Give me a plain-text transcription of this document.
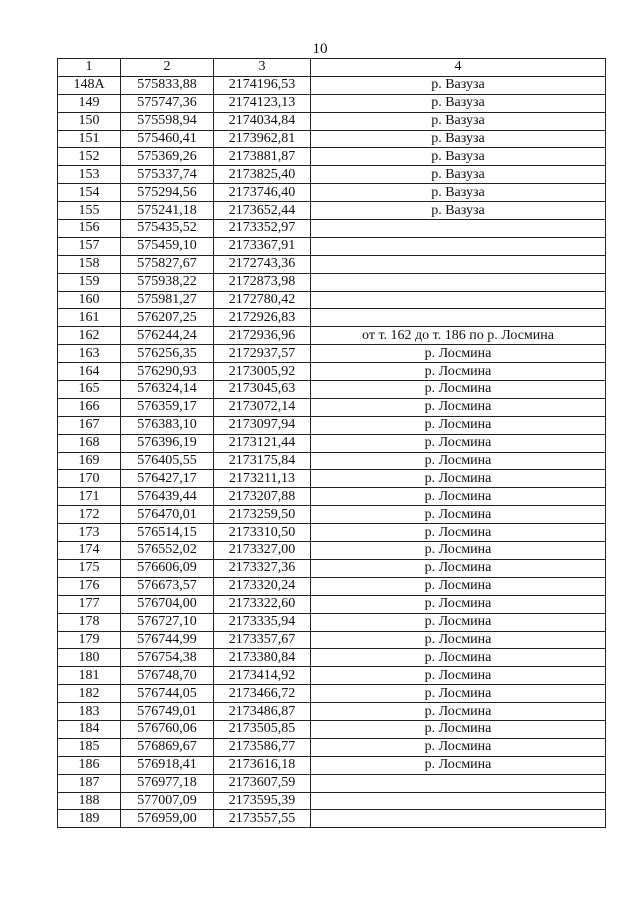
10
1	2	3	4
148А	575833,88	2174196,53	р. Вазуза
149	575747,36	2174123,13	р. Вазуза
150	575598,94	2174034,84	р. Вазуза
151	575460,41	2173962,81	р. Вазуза
152	575369,26	2173881,87	р. Вазуза
153	575337,74	2173825,40	р. Вазуза
154	575294,56	2173746,40	р. Вазуза
155	575241,18	2173652,44	р. Вазуза
156	575435,52	2173352,97	
157	575459,10	2173367,91	
158	575827,67	2172743,36	
159	575938,22	2172873,98	
160	575981,27	2172780,42	
161	576207,25	2172926,83	
162	576244,24	2172936,96	от т. 162 до т. 186 по р. Лосмина
163	576256,35	2172937,57	р. Лосмина
164	576290,93	2173005,92	р. Лосмина
165	576324,14	2173045,63	р. Лосмина
166	576359,17	2173072,14	р. Лосмина
167	576383,10	2173097,94	р. Лосмина
168	576396,19	2173121,44	р. Лосмина
169	576405,55	2173175,84	р. Лосмина
170	576427,17	2173211,13	р. Лосмина
171	576439,44	2173207,88	р. Лосмина
172	576470,01	2173259,50	р. Лосмина
173	576514,15	2173310,50	р. Лосмина
174	576552,02	2173327,00	р. Лосмина
175	576606,09	2173327,36	р. Лосмина
176	576673,57	2173320,24	р. Лосмина
177	576704,00	2173322,60	р. Лосмина
178	576727,10	2173335,94	р. Лосмина
179	576744,99	2173357,67	р. Лосмина
180	576754,38	2173380,84	р. Лосмина
181	576748,70	2173414,92	р. Лосмина
182	576744,05	2173466,72	р. Лосмина
183	576749,01	2173486,87	р. Лосмина
184	576760,06	2173505,85	р. Лосмина
185	576869,67	2173586,77	р. Лосмина
186	576918,41	2173616,18	р. Лосмина
187	576977,18	2173607,59	
188	577007,09	2173595,39	
189	576959,00	2173557,55	
